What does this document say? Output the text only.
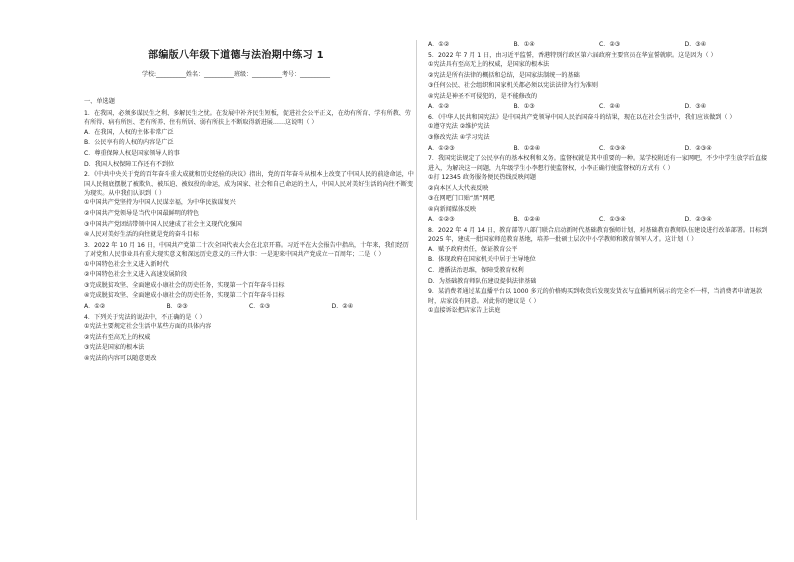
部编版八年级下道德与法治期中练习 1
学校:__________姓名：__________班级：__________考号：__________
一、单选题

1．在我国，必须多谋民生之利、多解民生之忧。在发展中补齐民生短板，促进社会公平正义，在幼有所育、学有所教、劳有所得、病有所医、老有所养、住有所居、弱有所扶上不断取得新进展……这说明（ ）

A．在我国，人权的主体非常广泛

B．公民享有的人权的内容是广泛

C．尊重保障人权是国家领导人的事

D．我国人权保障工作还有不到位

2．《中共中央关于党的百年奋斗重大成就和历史经验的决议》指出，党的百年奋斗从根本上改变了中国人民的前途命运，中国人民彻底摆脱了被欺负、被压迫、被奴役的命运，成为国家、社会和自己命运的主人，中国人民对美好生活的向往不断变为现实。从中我们认识到（ ）

①中国共产党坚持为中国人民谋幸福，为中华民族谋复兴

②中国共产党领导是当代中国最鲜明的特色

③中国共产党团结带领中国人民建成了社会主义现代化强国

④人民对美好生活的向往就是党的奋斗目标

3．2022 年 10 月 16 日，中国共产党第二十次全国代表大会在北京开幕。习近平在大会报告中指出，十年来，我们经历了对党和人民事业具有重大现实意义和深远历史意义的三件大事：一是迎来中国共产党成立一百周年；二是（ ）

①中国特色社会主义进入新时代

②中国特色社会主义进入高速发展阶段

③完成脱贫攻坚、全面建成小康社会的历史任务，实现第一个百年奋斗目标

④完成脱贫攻坚、全面建成小康社会的历史任务，实现第二个百年奋斗目标

A．①②	B．②③	C．①③	D．②④

4．下列关于宪法的说法中，不正确的是（ ）

①宪法主要规定社会生活中某些方面的具体内容

②宪法有至高无上的权威

③宪法是国家的根本法

④宪法的内容可以随意更改

A．①②	B．①④	C．②③	D．③④

5．2022 年 7 月 1 日，由习近平监誓，香港特别行政区第六届政府主要官员在华宣誓就职。这是因为（ ）

①宪法具有至高无上的权威，是国家的根本法

②宪法是所有法律的概括和总结，是国家法制统一的基础

③任何公民、社会组织和国家机关都必须以宪法法律为行为准则

④宪法是神圣不可侵犯的，是不能修改的

A．①②	B．①③	C．②④	D．③④

6．《中华人民共和国宪法》是中国共产党领导中国人民治国奋斗的结果，现在以在社会生活中，我们应该做到（ ）

①遵守宪法 ②维护宪法

③修改宪法 ④学习宪法

A．①②③	B．①②④	C．①③④	D．②③④

7．我国宪法规定了公民享有的基本权利和义务。监督权就是其中重要的一种。某学校附近有一家网吧，不少中学生放学后直接进入，为解决这一问题，九年级学生小李想行使监督权，小李正确行使监督权的方式有（ ）

①打 12345 政务服务便民热线反映问题

②向本区人大代表反映

③在网吧门口贴“黑”网吧

④向新闻媒体反映

A．①②③	B．①②④	C．①③④	D．②③④

8．2022 年 4 月 14 日，教育部等八部门联合启动新时代基础教育强师计划，对基础教育教师队伍建设进行改革部署。目标到 2025 年，建成一批国家师范教育基地，培养一批硕士层次中小学教师和教育领军人才。这计划（ ）

A．赋予政府责任，保证教育公平

B．体现政府在国家机关中居于主导地位

C．遵循法治思维，保障受教育权利

D．为基础教育师队伍建设提供法律基础

9．某消费者通过某直播平台以 1000 多元的价格购买到收货后发现发货衣与直播间所展示的完全不一样，当消费者申请退款时，店家没有同意。对此你的建议是（ ）

①直接诉讼把店家告上法庭
